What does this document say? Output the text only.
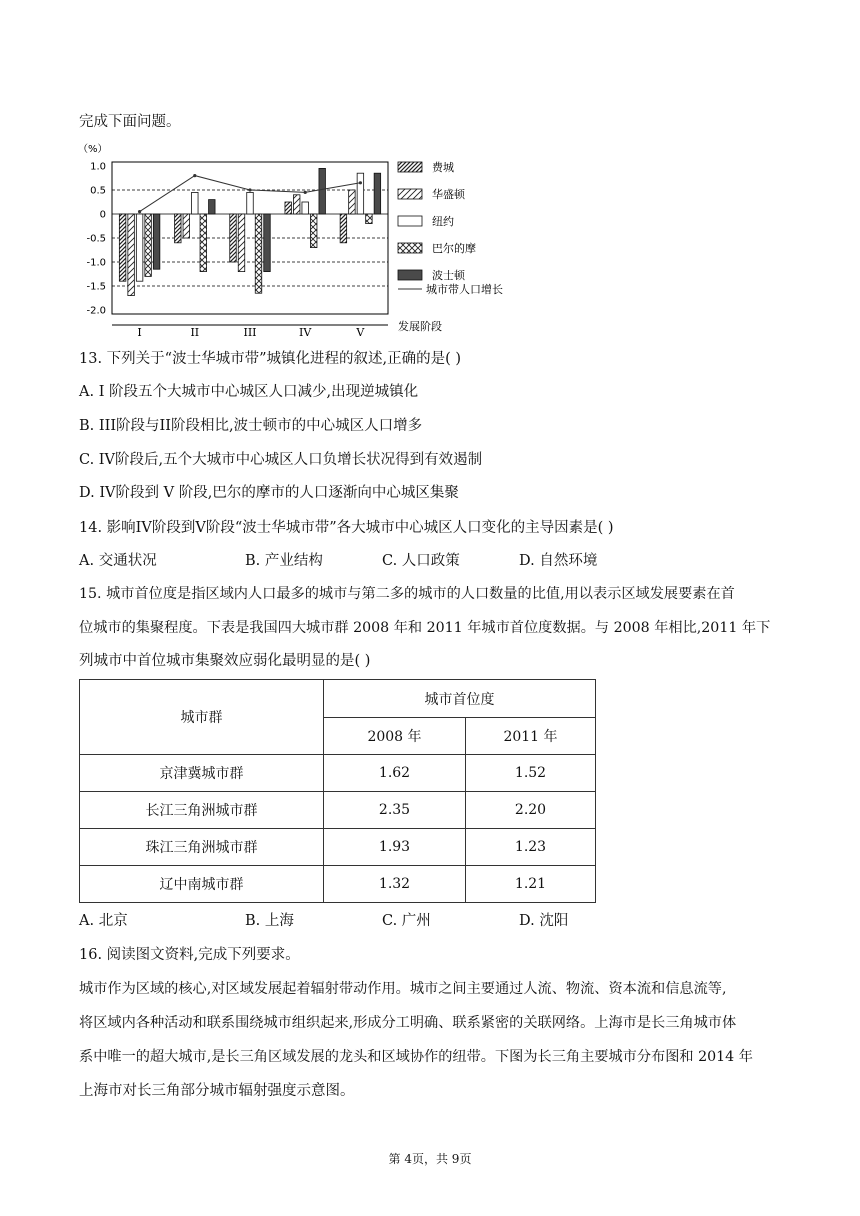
完成下面问题。
（%）
1.0
0.5
0
-0.5
-1.0
-1.5
-2.0
I	II	III	IV	V	发展阶段
费城
华盛顿
纽约
巴尔的摩
波士顿
城市带人口增长
13. 下列关于“波士华城市带”城镇化进程的叙述,正确的是( )
A. I 阶段五个大城市中心城区人口减少,出现逆城镇化
B. III阶段与II阶段相比,波士顿市的中心城区人口增多
C. IV阶段后,五个大城市中心城区人口负增长状况得到有效遏制
D. IV阶段到 V 阶段,巴尔的摩市的人口逐渐向中心城区集聚
14. 影响IV阶段到V阶段“波士华城市带”各大城市中心城区人口变化的主导因素是( )
A. 交通状况	B. 产业结构	C. 人口政策	D. 自然环境
15. 城市首位度是指区域内人口最多的城市与第二多的城市的人口数量的比值,用以表示区域发展要素在首
位城市的集聚程度。下表是我国四大城市群 2008 年和 2011 年城市首位度数据。与 2008 年相比,2011 年下
列城市中首位城市集聚效应弱化最明显的是( )
城市群	城市首位度	
	2008 年	2011 年
京津冀城市群	1.62	1.52
长江三角洲城市群	2.35	2.20
珠江三角洲城市群	1.93	1.23
辽中南城市群	1.32	1.21
A. 北京	B. 上海	C. 广州	D. 沈阳
16. 阅读图文资料,完成下列要求。
城市作为区域的核心,对区域发展起着辐射带动作用。城市之间主要通过人流、物流、资本流和信息流等,
将区域内各种活动和联系围绕城市组织起来,形成分工明确、联系紧密的关联网络。上海市是长三角城市体
系中唯一的超大城市,是长三角区域发展的龙头和区域协作的纽带。下图为长三角主要城市分布图和 2014 年
上海市对长三角部分城市辐射强度示意图。
第 4页，共 9页
